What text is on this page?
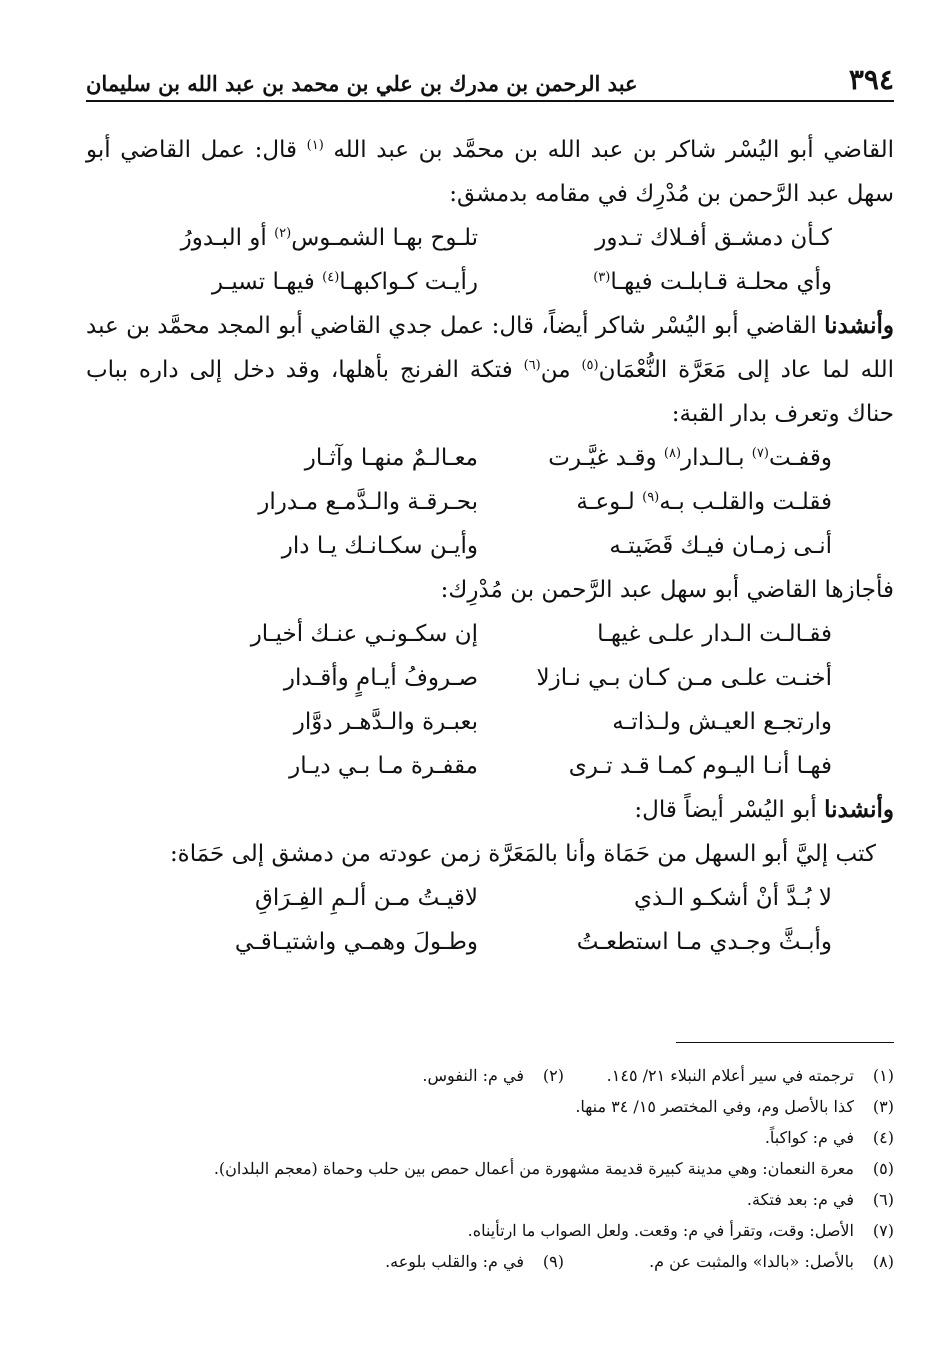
٣٩٤
عبد الرحمن بن مدرك بن علي بن محمد بن عبد الله بن سليمان

القاضي أبو اليُسْر شاكر بن عبد الله بن محمَّد بن عبد الله $^{(١)}$ قال: عمل القاضي أبو سهل عبد الرَّحمن بن مُدْرِك في مقامه بدمشق:

كـأن دمشـق أفـلاك تـدور
تلـوح بهـا الشمـوس
$^{(٢)}$

أو البـدورُ
وأي محلـة قـابلـت فيهـا
$^{(٣)}$
رأيـت كـواكبهـا
$^{(٤)}$

فيهـا تسيـر

وأنشدنا القاضي أبو اليُسْر شاكر أيضاً، قال: عمل جدي القاضي أبو المجد محمَّد بن عبد الله لما عاد إلى مَعَرَّة النُّعْمَان$^{(٥)}$ من$^{(٦)}$ فتكة الفرنج بأهلها، وقد دخل إلى داره بباب حناك وتعرف بدار القبة:

وقفـت
$^{(٧)}$

بـالـدار
$^{(٨)}$

وقـد غيَّـرت
معـالـمٌ منهـا وآثـار
فقلـت والقلـب بـه
$^{(٩)}$

لـوعـة
بحـرقـة والـدَّمـع مـدرار
أنـى زمـان فيـك قَضَيتـه
وأيـن سكـانـك يـا دار

فأجازها القاضي أبو سهل عبد الرَّحمن بن مُدْرِك:

فقـالـت الـدار علـى غيهـا
إن سكـونـي عنـك أخيـار
أخنـت علـى مـن كـان بـي نـازلا
صـروفُ أيـامٍ وأقـدار
وارتجـع العيـش ولـذاتـه
بعبـرة والـدَّهـر دوَّار
فهـا أنـا اليـوم كمـا قـد تـرى
مقفـرة مـا بـي ديـار

وأنشدنا أبو اليُسْر أيضاً قال:

كتب إليَّ أبو السهل من حَمَاة وأنا بالمَعَرَّة زمن عودته من دمشق إلى حَمَاة:

لا بُـدَّ أنْ أشكـو الـذي
لاقيـتُ مـن ألـمِ الفِـرَاقِ
وأبـثَّ وجـدي مـا استطعـتُ
وطـولَ وهمـي واشتيـاقـي
(١)
ترجمته في سير أعلام النبلاء ٢١/ ١٤٥.
(٢)
في م: النفوس.
(٣)
كذا بالأصل وم، وفي المختصر ١٥/ ٣٤ منها.
(٤)
في م: كواكباً.
(٥)
معرة النعمان: وهي مدينة كبيرة قديمة مشهورة من أعمال حمص بين حلب وحماة (معجم البلدان).
(٦)
في م: بعد فتكة.
(٧)
الأصل: وقت، وتقرأ في م: وقعت. ولعل الصواب ما ارتأيناه.
(٨)
بالأصل: «بالدا» والمثبت عن م.
(٩)
في م: والقلب بلوعه.
